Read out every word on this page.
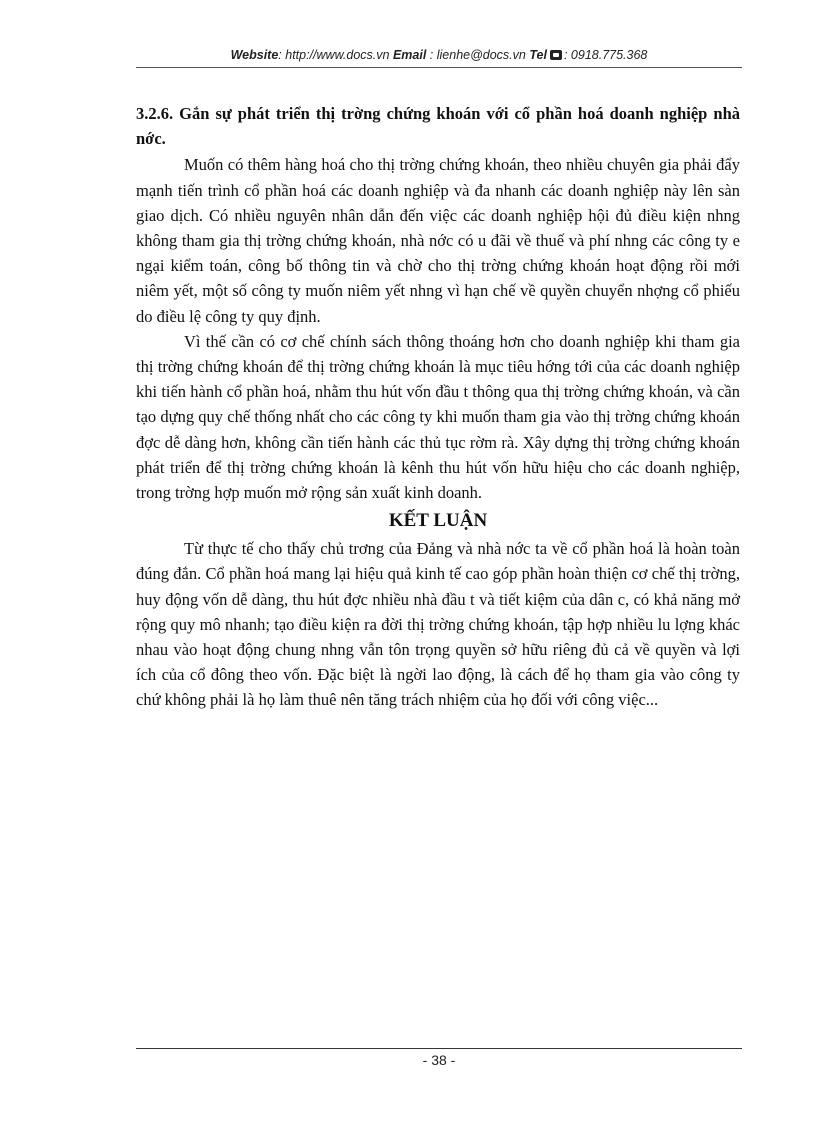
Website: http://www.docs.vn Email : lienhe@docs.vn Tel : 0918.775.368

3.2.6. Gắn sự phát triển thị trờng chứng khoán với cổ phần hoá doanh nghiệp nhà nớc.

Muốn có thêm hàng hoá cho thị trờng chứng khoán, theo nhiều chuyên gia phải đẩy mạnh tiến trình cổ phần hoá các doanh nghiệp và đa nhanh các doanh nghiệp này lên sàn giao dịch. Có nhiều nguyên nhân dẫn đến việc các doanh nghiệp hội đủ điều kiện nhng không tham gia thị trờng chứng khoán, nhà nớc có u đãi về thuế và phí nhng các công ty e ngại kiểm toán, công bố thông tin và chờ cho thị trờng chứng khoán hoạt động rồi mới niêm yết, một số công ty muốn niêm yết nhng vì hạn chế về quyền chuyển nhợng cổ phiếu do điều lệ công ty quy định.

Vì thế cần có cơ chế chính sách thông thoáng hơn cho doanh nghiệp khi tham gia thị trờng chứng khoán để thị trờng chứng khoán là mục tiêu hớng tới của các doanh nghiệp khi tiến hành cổ phần hoá, nhằm thu hút vốn đầu t thông qua thị trờng chứng khoán, và cần tạo dựng quy chế thống nhất cho các công ty khi muốn tham gia vào thị trờng chứng khoán đợc dễ dàng hơn, không cần tiến hành các thủ tục rờm rà. Xây dựng thị trờng chứng khoán phát triển để thị trờng chứng khoán là kênh thu hút vốn hữu hiệu cho các doanh nghiệp, trong trờng hợp muốn mở rộng sản xuất kinh doanh.

KẾT LUẬN

Từ thực tế cho thấy chủ trơng của Đảng và nhà nớc ta về cổ phần hoá là hoàn toàn đúng đắn. Cổ phần hoá mang lại hiệu quả kinh tế cao góp phần hoàn thiện cơ chế thị trờng, huy động vốn dễ dàng, thu hút đợc nhiều nhà đầu t và tiết kiệm của dân c, có khả năng mở rộng quy mô nhanh; tạo điều kiện ra đời thị trờng chứng khoán, tập hợp nhiều lu lợng khác nhau vào hoạt động chung nhng vẫn tôn trọng quyền sở hữu riêng đủ cả về quyền và lợi ích của cổ đông theo vốn. Đặc biệt là ngời lao động, là cách để họ tham gia vào công ty chứ không phải là họ làm thuê nên tăng trách nhiệm của họ đối với công việc...

- 38 -
